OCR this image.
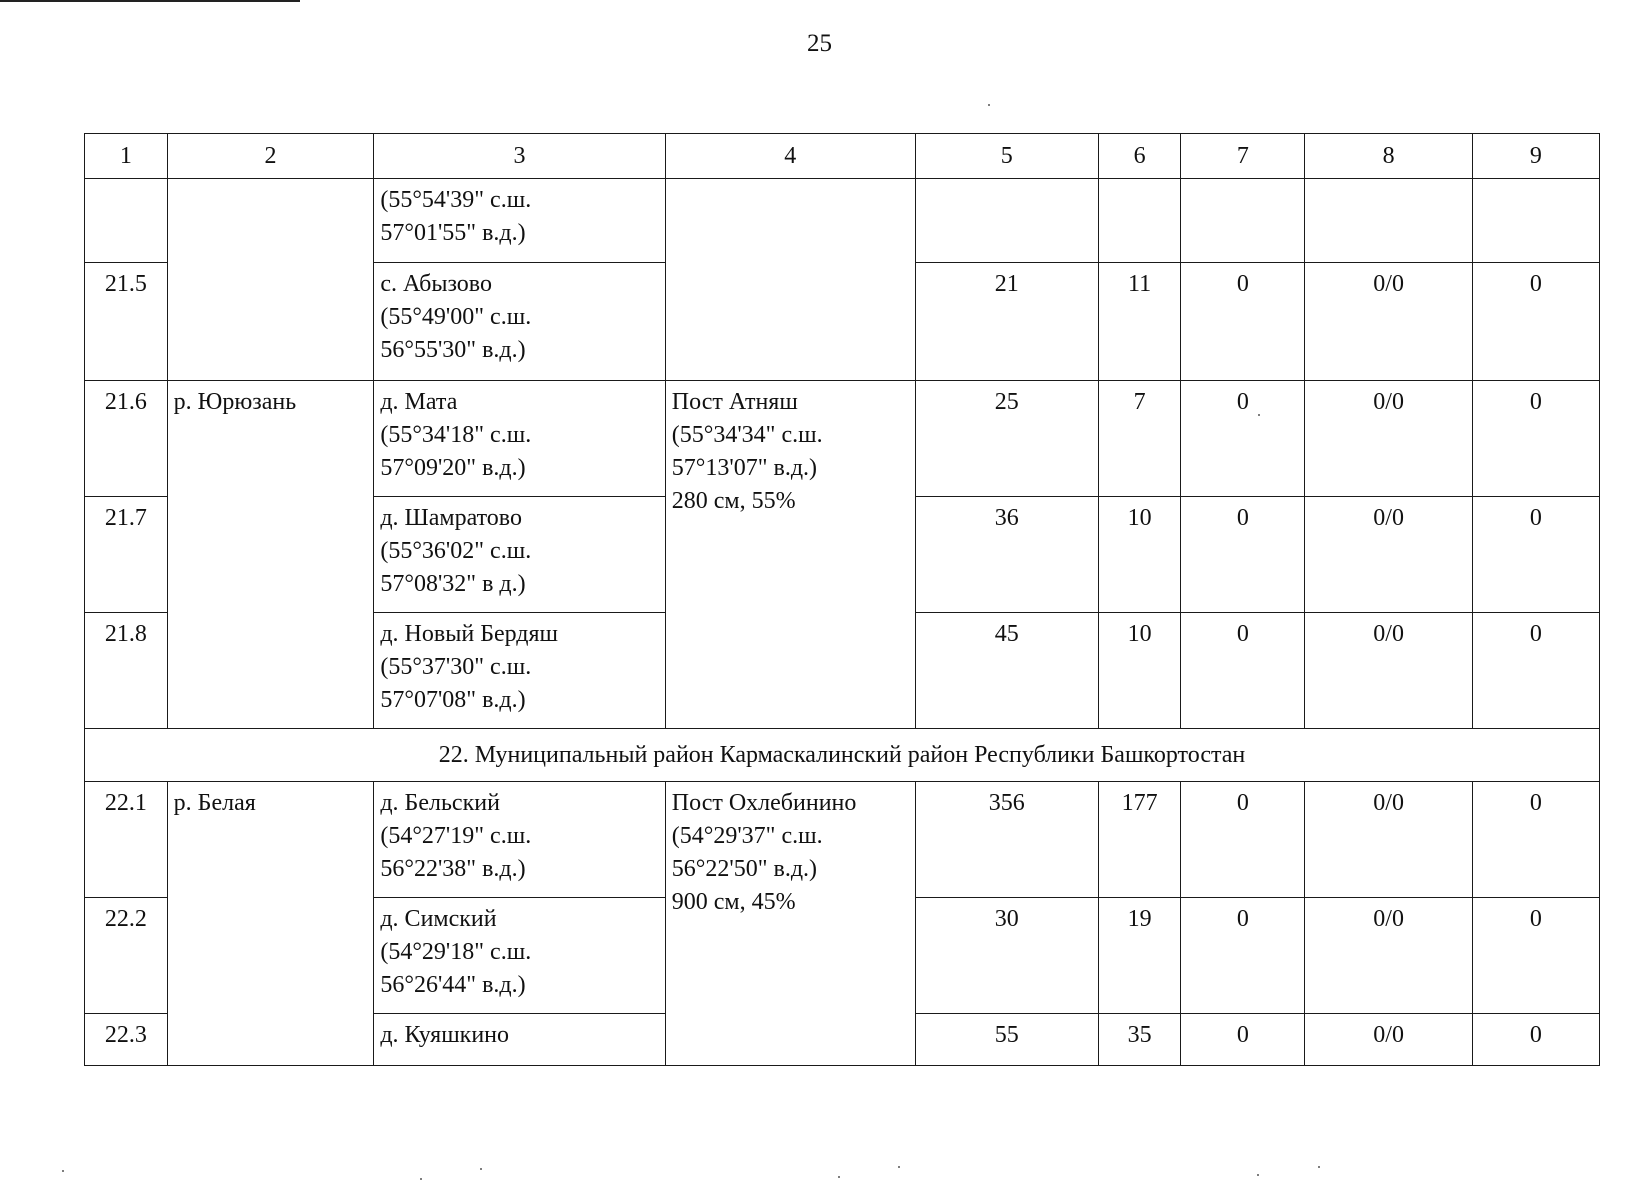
25
1	2	3	4	5	6	7	8	9

		(55°54'39" с.ш.
57°01'55" в.д.)						

21.5		с. Абызово
(55°49'00" с.ш.
56°55'30" в.д.)		21	11	0	0/0	0
21.6	р. Юрюзань	д. Мата
(55°34'18" с.ш.
57°09'20" в.д.)	Пост Атняш
(55°34'34" с.ш.
57°13'07" в.д.)
280 см, 55%	25	7	0	0/0	0
21.7		д. Шамратово
(55°36'02" с.ш.
57°08'32" в д.)		36	10	0	0/0	0
21.8		д. Новый Бердяш
(55°37'30" с.ш.
57°07'08" в.д.)		45	10	0	0/0	0
22. Муниципальный район Кармаскалинский район Республики Башкортостан								
22.1	р. Белая	д. Бельский
(54°27'19" с.ш.
56°22'38" в.д.)	Пост Охлебинино
(54°29'37" с.ш.
56°22'50" в.д.)
900 см, 45%	356	177	0	0/0	0
22.2		д. Симский
(54°29'18" с.ш.
56°26'44" в.д.)		30	19	0	0/0	0
22.3		д. Куяшкино		55	35	0	0/0	0
